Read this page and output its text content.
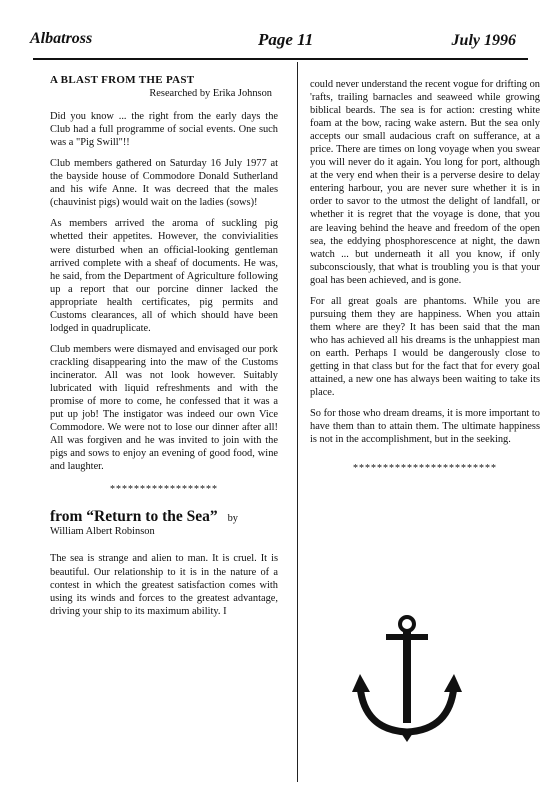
Albatross	Page 11	July 1996
A BLAST FROM THE PAST
Researched by Erika Johnson

Did you know ... the right from the early days the Club had a full programme of social events. One such was a "Pig Swill"!!

Club members gathered on Saturday 16 July 1977 at the bayside house of Commodore Donald Sutherland and his wife Anne. It was decreed that the males (chauvinist pigs) would wait on the ladies (sows)!

As members arrived the aroma of suckling pig whetted their appetites. However, the convivialities were disturbed when an official-looking gentleman arrived complete with a sheaf of documents. He was, he said, from the Department of Agriculture following up a report that our porcine dinner lacked the appropriate health certificates, pig permits and Customs clearances, all of which should have been lodged in quadruplicate.

Club members were dismayed and envisaged our pork crackling disappearing into the maw of the Customs incinerator. All was not look however. Suitably lubricated with liquid refreshments and with the promise of more to come, he confessed that it was a put up job! The instigator was indeed our own Vice Commodore. We were not to lose our dinner after all! All was forgiven and he was invited to join with the pigs and sows to enjoy an evening of good food, wine and laughter.

******************
from “Return to the Sea” by
William Albert Robinson

The sea is strange and alien to man. It is cruel. It is beautiful. Our relationship to it is in the nature of a contest in which the greatest satisfaction comes with using its winds and forces to the greatest advantage, driving your ship to its maximum ability. I

could never understand the recent vogue for drifting on 'rafts, trailing barnacles and seaweed while growing biblical beards. The sea is for action: cresting white foam at the bow, racing wake astern. But the sea only accepts our small audacious craft on sufferance, at a price. There are times on long voyage when you swear you will never do it again. You long for port, although at the very end when their is a perverse desire to delay entering harbour, you are never sure whether it is in order to savor to the utmost the delight of landfall, or whether it is regret that the voyage is done, that you are leaving behind the heave and freedom of the open sea, the eddying phosphorescence at night, the dawn watch ... but underneath it all you know, if only subconsciously, that what is troubling you is that your goal has been achieved, and is gone.

For all great goals are phantoms. While you are pursuing them they are happiness. When you attain them where are they? It has been said that the man who has achieved all his dreams is the unhappiest man on earth. Perhaps I would be dangerously close to getting in that class but for the fact that for every goal attained, a new one has always been waiting to take its place.

So for those who dream dreams, it is more important to have them than to attain them. The ultimate happiness is not in the accomplishment, but in the seeking.

************************
